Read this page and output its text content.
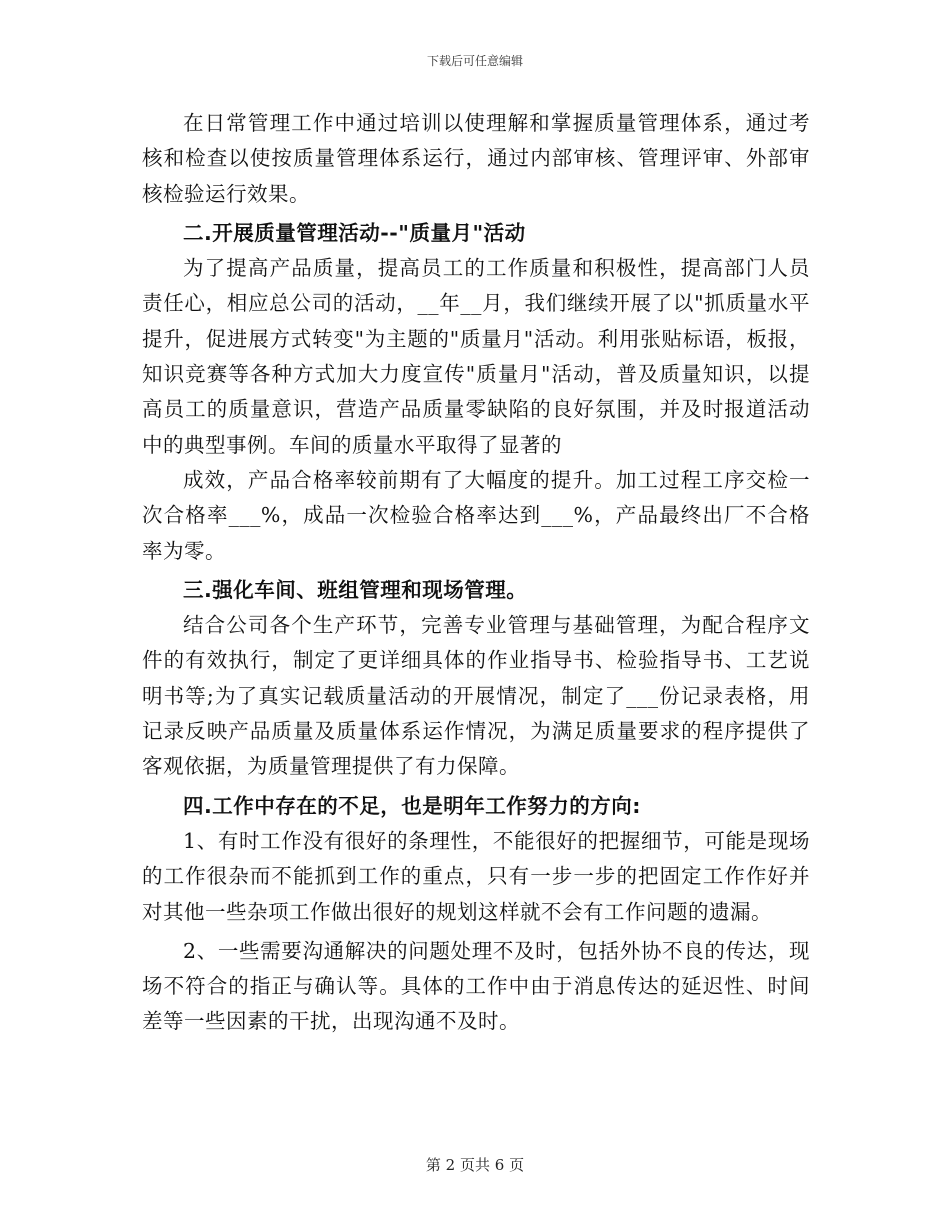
下载后可任意编辑

在日常管理工作中通过培训以使理解和掌握质量管理体系，通过考核和检查以使按质量管理体系运行，通过内部审核、管理评审、外部审核检验运行效果。

二.开展质量管理活动--"质量月"活动

为了提高产品质量，提高员工的工作质量和积极性，提高部门人员责任心，相应总公司的活动，__年__月，我们继续开展了以"抓质量水平提升，促进展方式转变"为主题的"质量月"活动。利用张贴标语，板报，知识竞赛等各种方式加大力度宣传"质量月"活动，普及质量知识，以提高员工的质量意识，营造产品质量零缺陷的良好氛围，并及时报道活动中的典型事例。车间的质量水平取得了显著的

成效，产品合格率较前期有了大幅度的提升。加工过程工序交检一次合格率___%，成品一次检验合格率达到___%，产品最终出厂不合格率为零。

三.强化车间、班组管理和现场管理。

结合公司各个生产环节，完善专业管理与基础管理，为配合程序文件的有效执行，制定了更详细具体的作业指导书、检验指导书、工艺说明书等;为了真实记载质量活动的开展情况，制定了___份记录表格，用记录反映产品质量及质量体系运作情况，为满足质量要求的程序提供了客观依据，为质量管理提供了有力保障。

四.工作中存在的不足，也是明年工作努力的方向:

1、有时工作没有很好的条理性，不能很好的把握细节，可能是现场的工作很杂而不能抓到工作的重点，只有一步一步的把固定工作作好并对其他一些杂项工作做出很好的规划这样就不会有工作问题的遗漏。

2、一些需要沟通解决的问题处理不及时，包括外协不良的传达，现场不符合的指正与确认等。具体的工作中由于消息传达的延迟性、时间差等一些因素的干扰，出现沟通不及时。

第 2 页共 6 页
